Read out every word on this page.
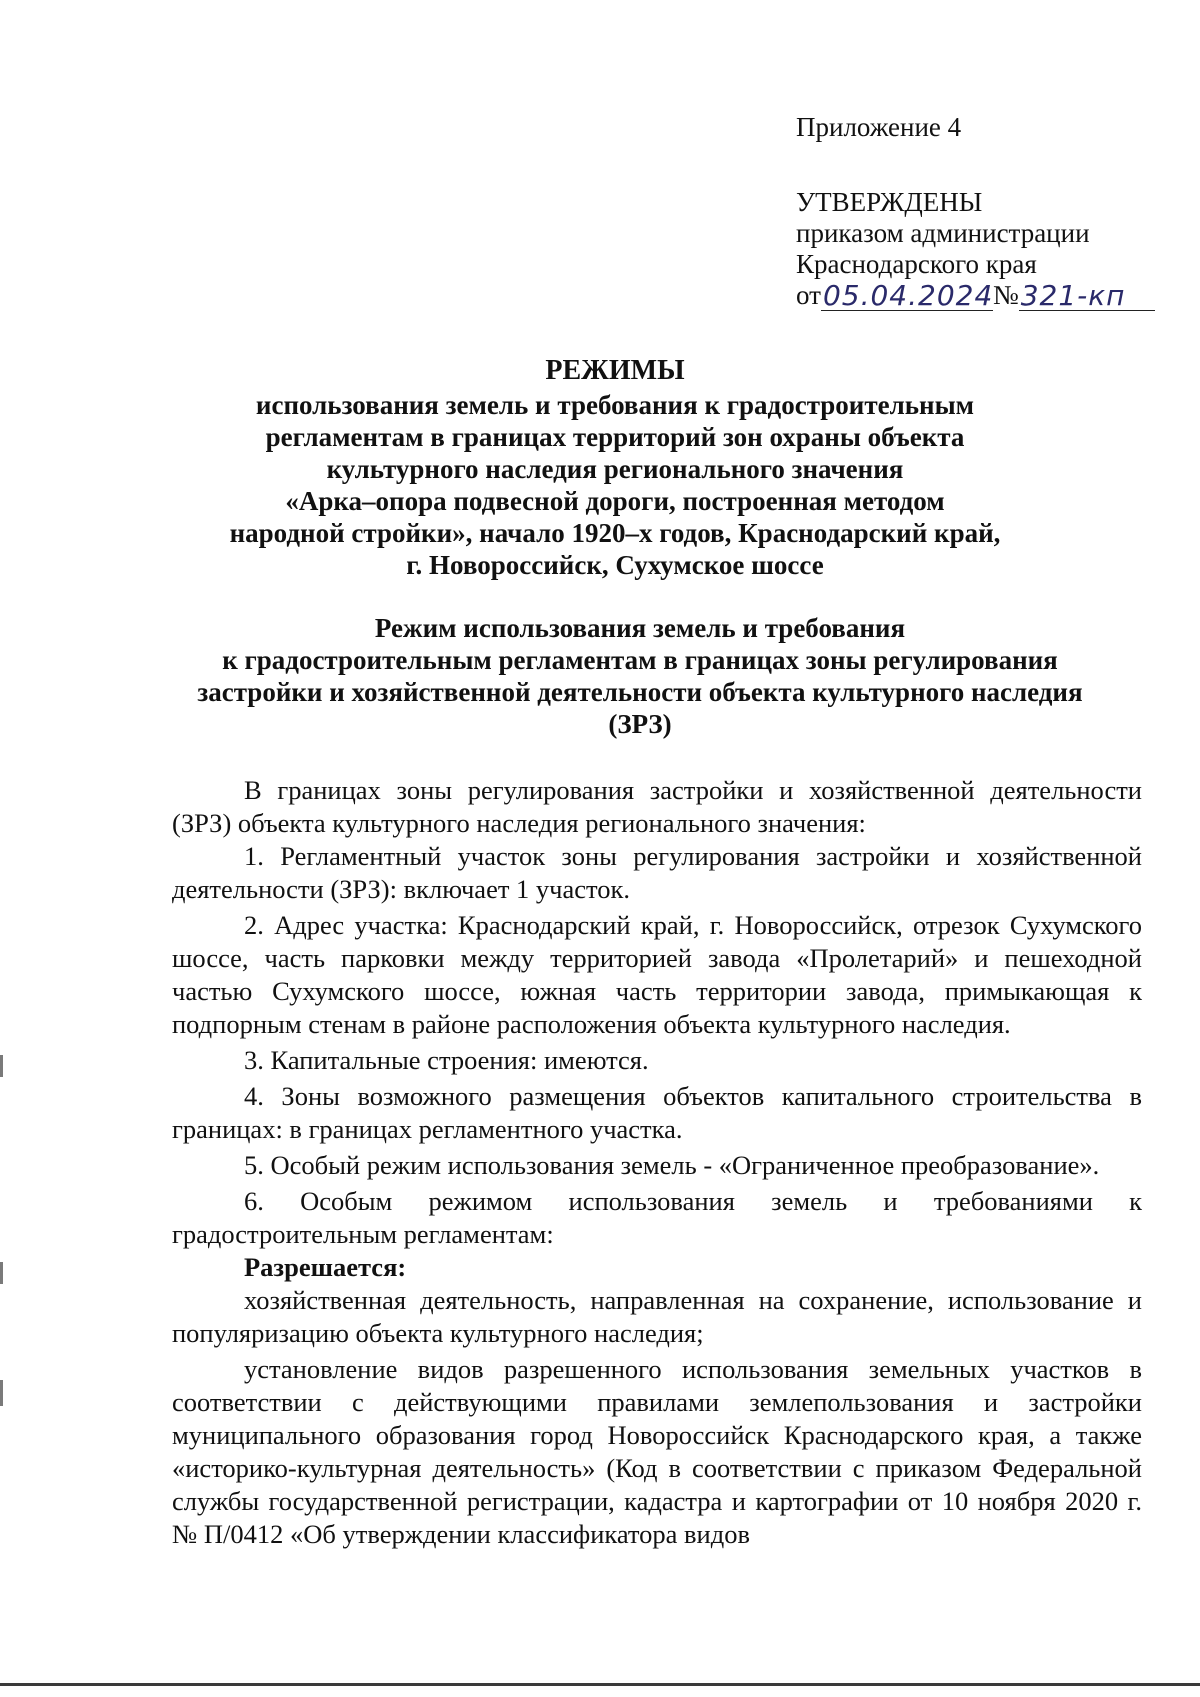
Приложение 4
УТВЕРЖДЕНЫ
приказом администрации
Краснодарского края
от 05.04.2024 № 321-кп
РЕЖИМЫ
использования земель и требования к градостроительным
регламентам в границах территорий зон охраны объекта
культурного наследия регионального значения
«Арка–опора подвесной дороги, построенная методом
народной стройки», начало 1920–х годов, Краснодарский край,
г. Новороссийск, Сухумское шоссе
Режим использования земель и требования
к градостроительным регламентам в границах зоны регулирования
застройки и хозяйственной деятельности объекта культурного наследия
(ЗРЗ)

В границах зоны регулирования застройки и хозяйственной деятельности (ЗРЗ) объекта культурного наследия регионального значения:

1. Регламентный участок зоны регулирования застройки и хозяйственной деятельности (ЗРЗ): включает 1 участок.

2. Адрес участка: Краснодарский край, г. Новороссийск, отрезок Сухумского шоссе, часть парковки между территорией завода «Пролетарий» и пешеходной частью Сухумского шоссе, южная часть территории завода, примыкающая к подпорным стенам в районе расположения объекта культурного наследия.

3. Капитальные строения: имеются.

4. Зоны возможного размещения объектов капитального строительства в границах: в границах регламентного участка.

5. Особый режим использования земель - «Ограниченное преобразование».

6. Особым режимом использования земель и требованиями к градостроительным регламентам:

Разрешается:

хозяйственная деятельность, направленная на сохранение, использование и популяризацию объекта культурного наследия;

установление видов разрешенного использования земельных участков в соответствии с действующими правилами землепользования и застройки муниципального образования город Новороссийск Краснодарского края, а также «историко-культурная деятельность» (Код в соответствии с приказом Федеральной службы государственной регистрации, кадастра и картографии от 10 ноября 2020 г. № П/0412 «Об утверждении классификатора видов
